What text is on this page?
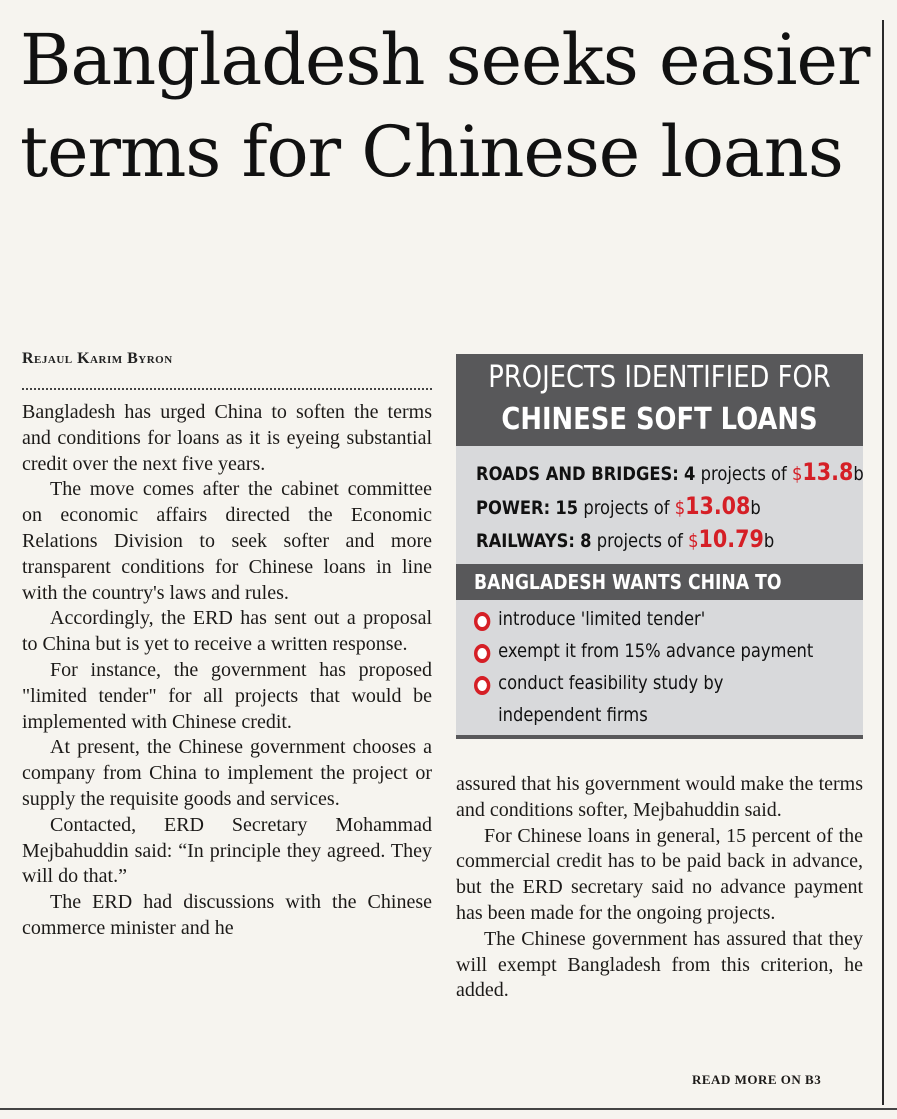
Bangladesh seeks easier terms for Chinese loans
Rejaul Karim Byron

Bangladesh has urged China to soften the terms and conditions for loans as it is eyeing substantial credit over the next five years.

The move comes after the cabinet committee on economic affairs directed the Economic Relations Division to seek softer and more transparent conditions for Chinese loans in line with the country's laws and rules.

Accordingly, the ERD has sent out a proposal to China but is yet to receive a written response.

For instance, the government has proposed "limited tender" for all projects that would be implemented with Chinese credit.

At present, the Chinese government chooses a company from China to implement the project or supply the requisite goods and services.

Contacted, ERD Secretary Mohammad Mejbahuddin said: “In principle they agreed. They will do that.”

The ERD had discussions with the Chinese commerce minister and he

PROJECTS IDENTIFIED FOR
CHINESE SOFT LOANS
ROADS AND BRIDGES: 4 projects of $13.8b
POWER: 15 projects of $13.08b
RAILWAYS: 8 projects of $10.79b
BANGLADESH WANTS CHINA TO
introduce 'limited tender'
exempt it from 15% advance payment
conduct feasibility study by
independent firms

assured that his government would make the terms and conditions softer, Mejbahuddin said.

For Chinese loans in general, 15 percent of the commercial credit has to be paid back in advance, but the ERD secretary said no advance payment has been made for the ongoing projects.

The Chinese government has assured that they will exempt Bangladesh from this criterion, he added.

READ MORE ON B3
